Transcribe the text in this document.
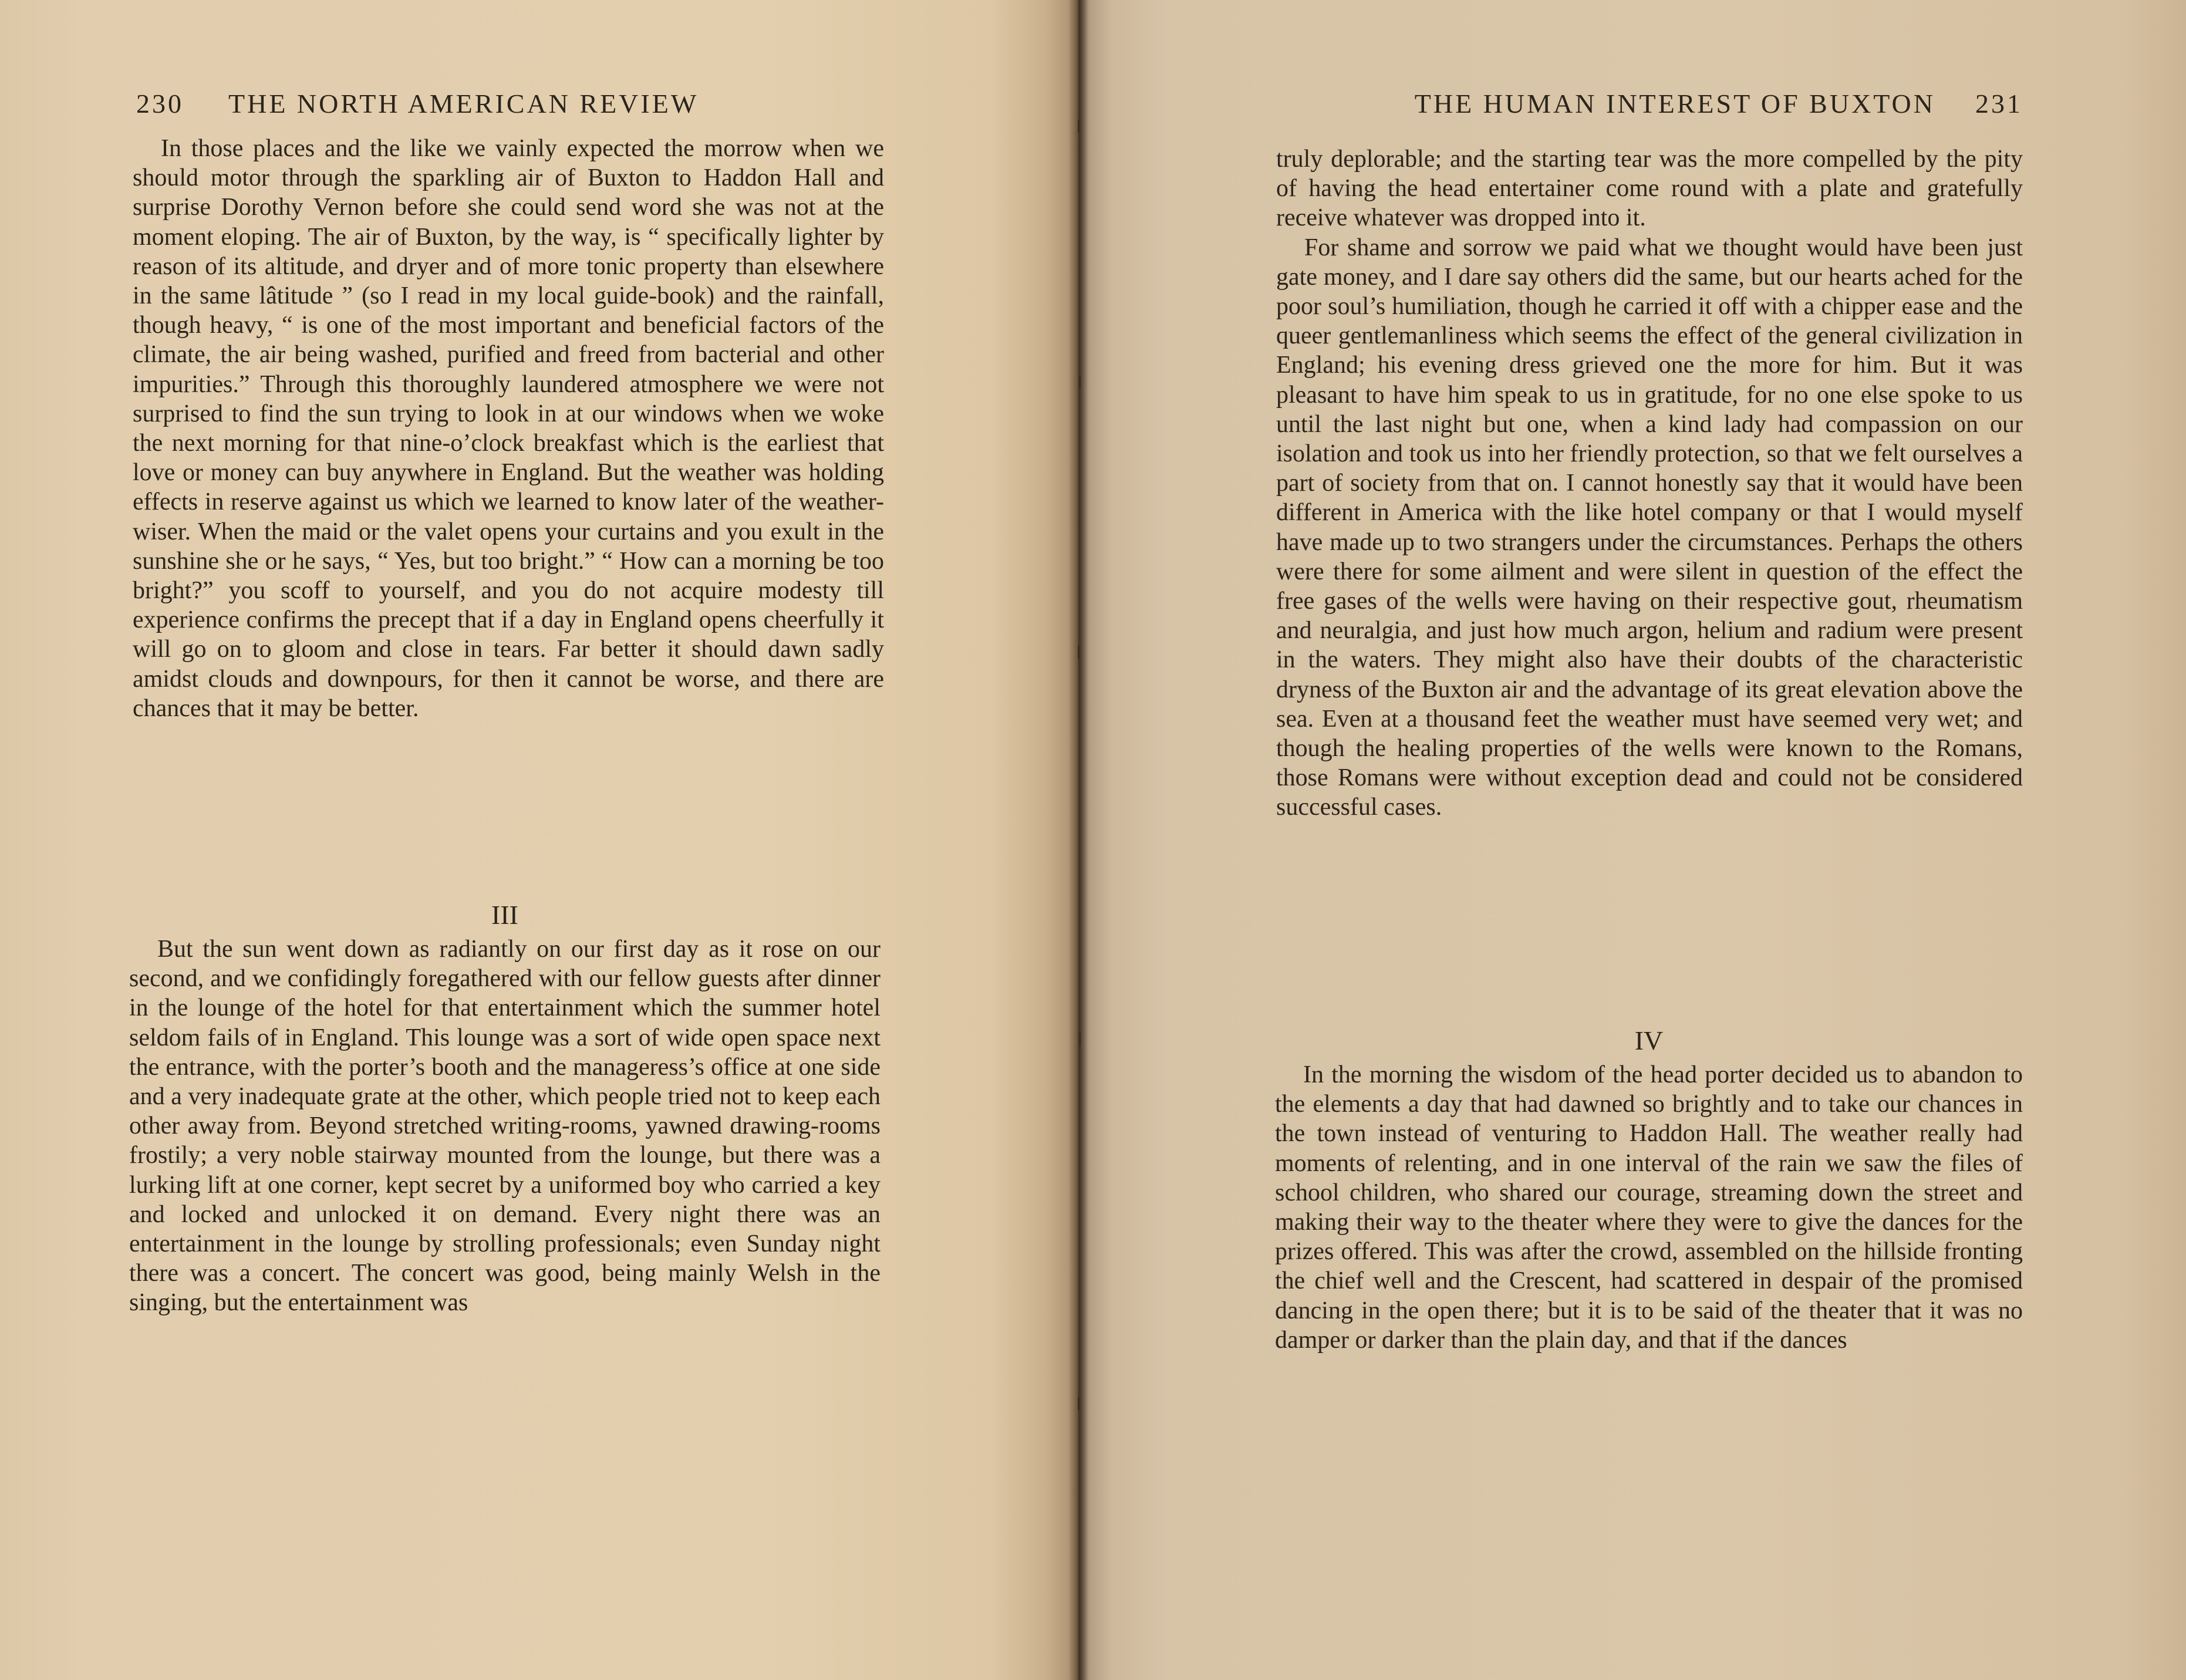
230 THE NORTH AMERICAN REVIEW

In those places and the like we vainly expected the morrow when we should motor through the sparkling air of Buxton to Haddon Hall and surprise Dorothy Vernon before she could send word she was not at the moment eloping. The air of Buxton, by the way, is “ specifically lighter by reason of its altitude, and dryer and of more tonic property than elsewhere in the same lâtitude ” (so I read in my local guide-book) and the rainfall, though heavy, “ is one of the most important and beneficial factors of the climate, the air being washed, purified and freed from bacterial and other impurities.” Through this thoroughly laundered atmosphere we were not surprised to find the sun trying to look in at our windows when we woke the next morning for that nine-o’clock breakfast which is the earliest that love or money can buy anywhere in England. But the weather was holding effects in reserve against us which we learned to know later of the weather-wiser. When the maid or the valet opens your curtains and you exult in the sunshine she or he says, “ Yes, but too bright.” “ How can a morning be too bright?” you scoff to yourself, and you do not acquire modesty till experience confirms the precept that if a day in England opens cheerfully it will go on to gloom and close in tears. Far better it should dawn sadly amidst clouds and downpours, for then it cannot be worse, and there are chances that it may be better.

III

But the sun went down as radiantly on our first day as it rose on our second, and we confidingly foregathered with our fellow guests after dinner in the lounge of the hotel for that entertainment which the summer hotel seldom fails of in England. This lounge was a sort of wide open space next the entrance, with the porter’s booth and the manageress’s office at one side and a very inadequate grate at the other, which people tried not to keep each other away from. Beyond stretched writing-rooms, yawned drawing-rooms frostily; a very noble stairway mounted from the lounge, but there was a lurking lift at one corner, kept secret by a uniformed boy who carried a key and locked and unlocked it on demand. Every night there was an entertainment in the lounge by strolling professionals; even Sunday night there was a concert. The concert was good, being mainly Welsh in the singing, but the entertainment was

THE HUMAN INTEREST OF BUXTON 231

truly deplorable; and the starting tear was the more compelled by the pity of having the head entertainer come round with a plate and gratefully receive whatever was dropped into it.

For shame and sorrow we paid what we thought would have been just gate money, and I dare say others did the same, but our hearts ached for the poor soul’s humiliation, though he carried it off with a chipper ease and the queer gentlemanliness which seems the effect of the general civilization in England; his evening dress grieved one the more for him. But it was pleasant to have him speak to us in gratitude, for no one else spoke to us until the last night but one, when a kind lady had compassion on our isolation and took us into her friendly protection, so that we felt ourselves a part of society from that on. I cannot honestly say that it would have been different in America with the like hotel company or that I would myself have made up to two strangers under the circumstances. Perhaps the others were there for some ailment and were silent in question of the effect the free gases of the wells were having on their respective gout, rheumatism and neuralgia, and just how much argon, helium and radium were present in the waters. They might also have their doubts of the characteristic dryness of the Buxton air and the advantage of its great elevation above the sea. Even at a thousand feet the weather must have seemed very wet; and though the healing properties of the wells were known to the Romans, those Romans were without exception dead and could not be considered successful cases.

IV

In the morning the wisdom of the head porter decided us to abandon to the elements a day that had dawned so brightly and to take our chances in the town instead of venturing to Haddon Hall. The weather really had moments of relenting, and in one interval of the rain we saw the files of school children, who shared our courage, streaming down the street and making their way to the theater where they were to give the dances for the prizes offered. This was after the crowd, assembled on the hillside fronting the chief well and the Crescent, had scattered in despair of the promised dancing in the open there; but it is to be said of the theater that it was no damper or darker than the plain day, and that if the dances
